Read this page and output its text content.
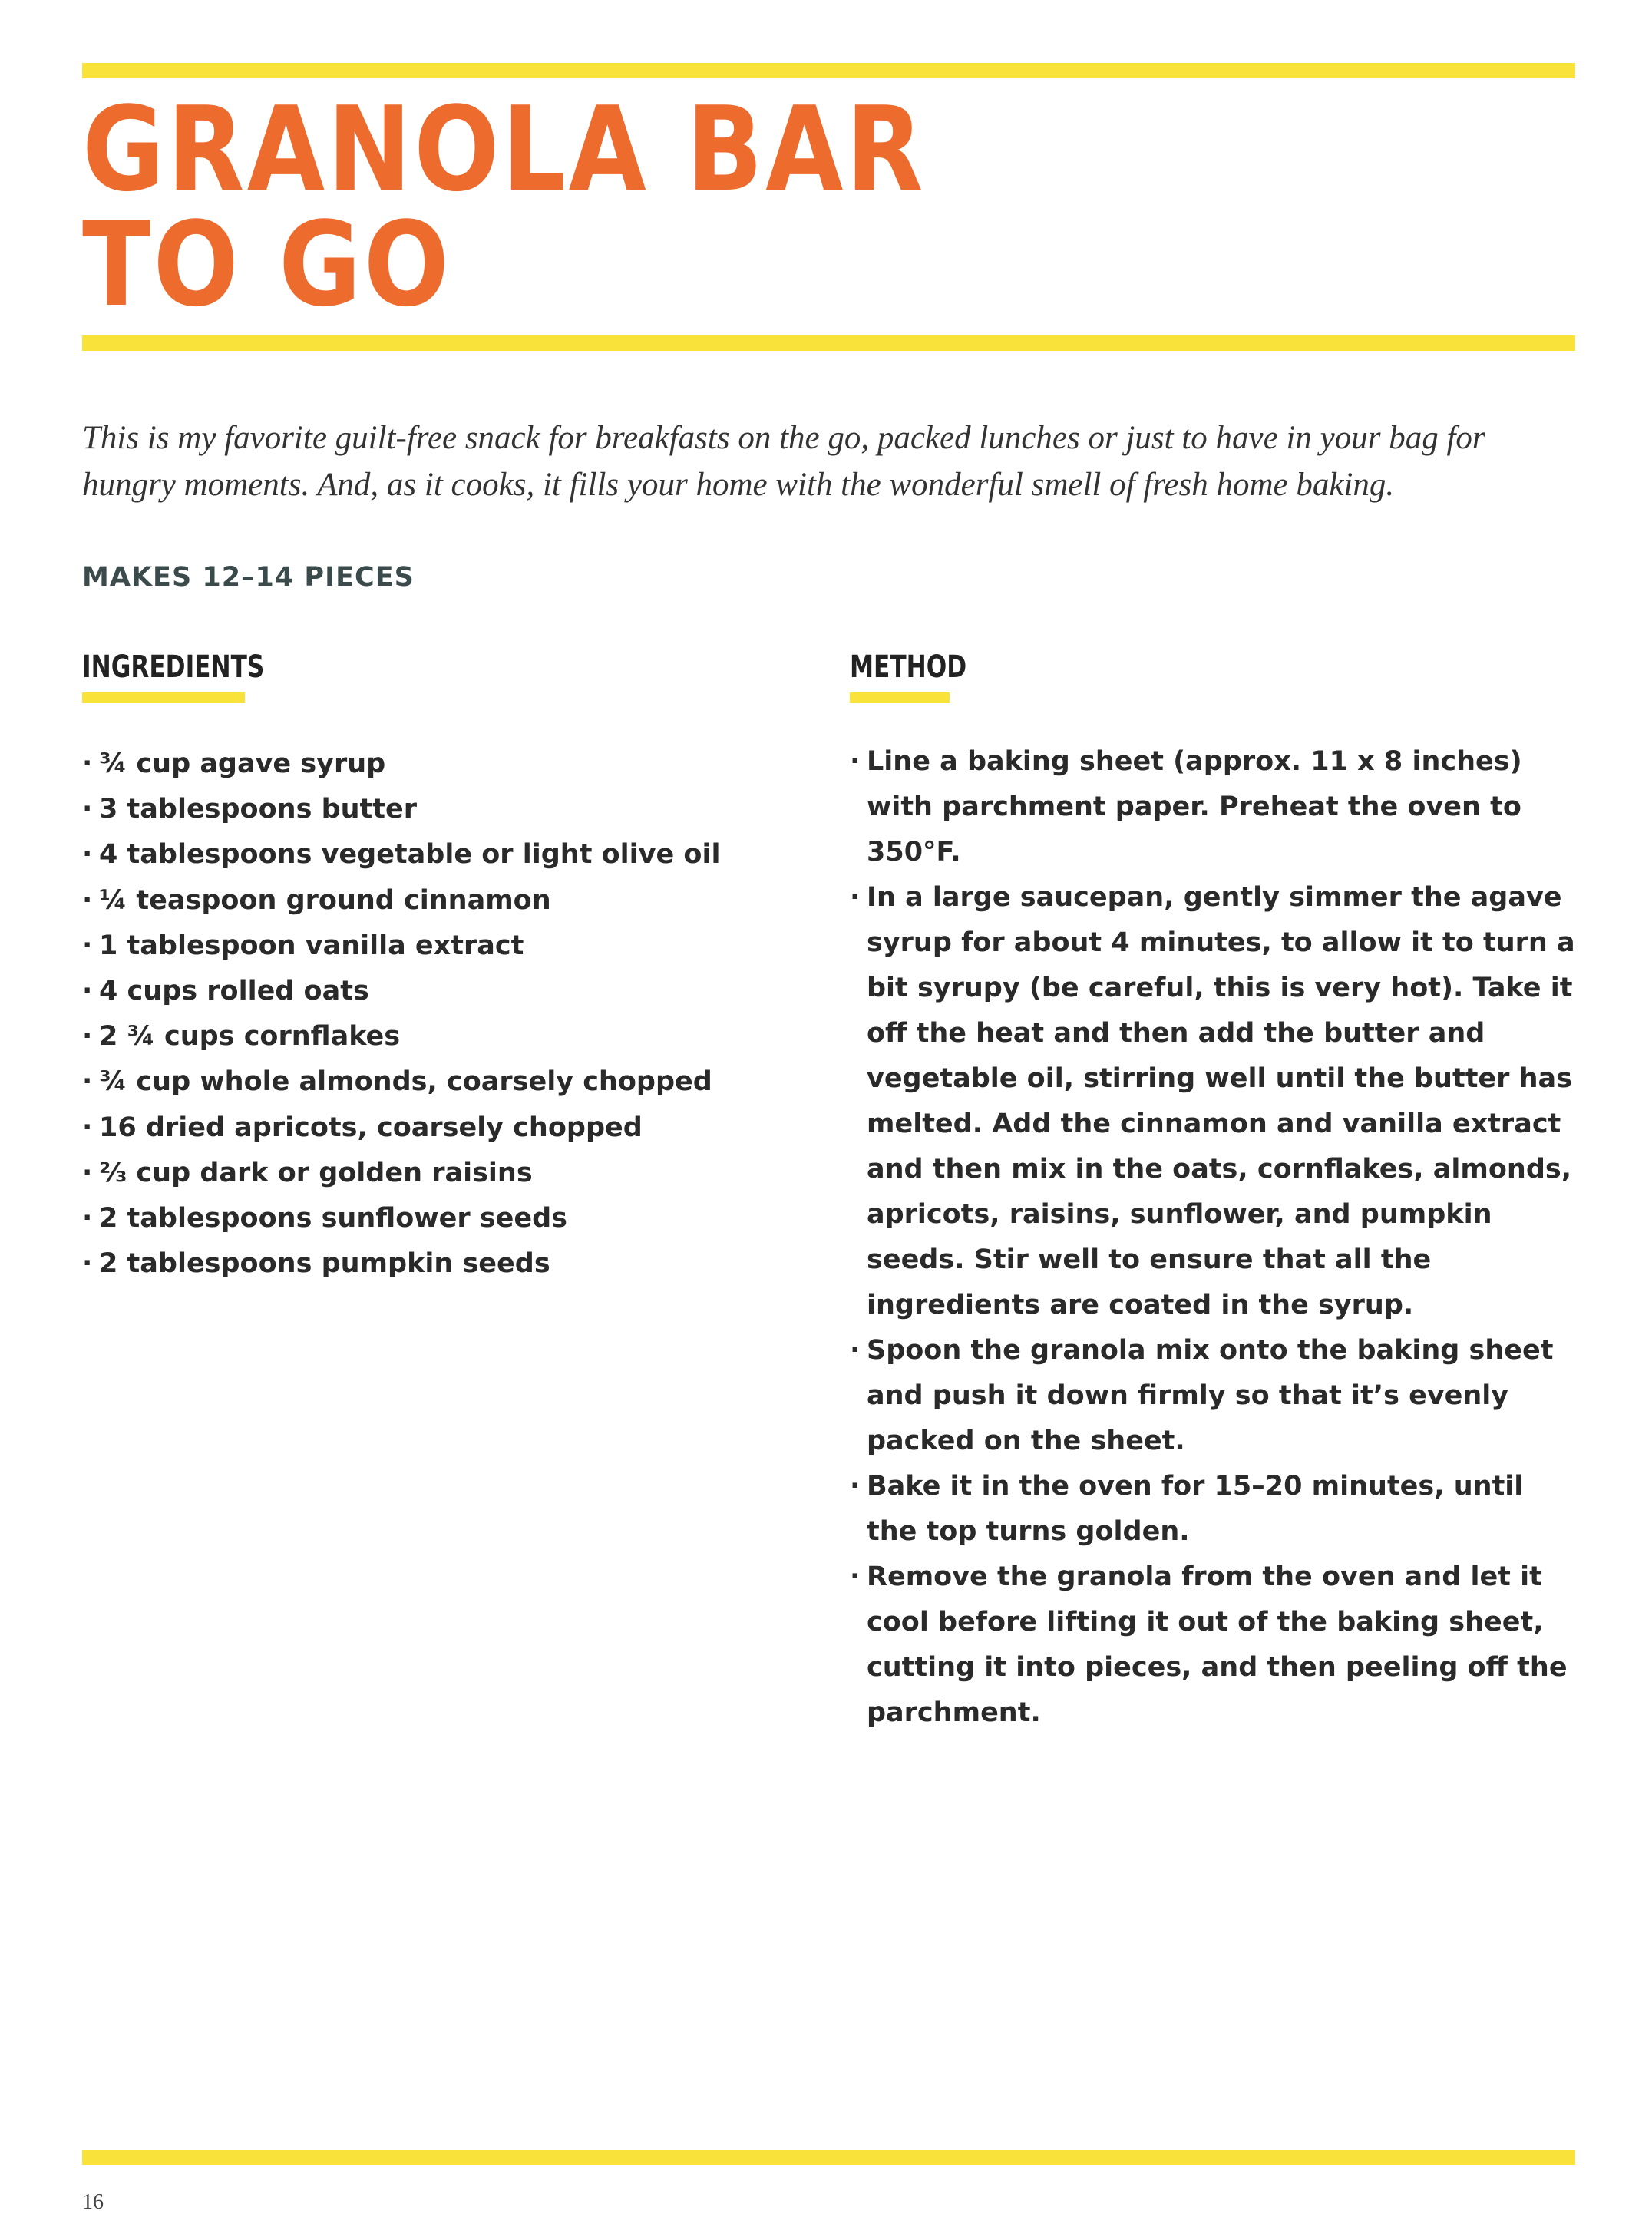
GRANOLA BAR
TO GO

This is my favorite guilt-free snack for breakfasts on the go, packed lunches or just to have in your bag for hungry moments. And, as it cooks, it fills your home with the wonderful smell of fresh home baking.

MAKES 12–14 PIECES

INGREDIENTS
· ¾ cup agave syrup
· 3 tablespoons butter
· 4 tablespoons vegetable or light olive oil
· ¼ teaspoon ground cinnamon
· 1 tablespoon vanilla extract
· 4 cups rolled oats
· 2 ¾ cups cornflakes
· ¾ cup whole almonds, coarsely chopped
· 16 dried apricots, coarsely chopped
· ⅔ cup dark or golden raisins
· 2 tablespoons sunflower seeds
· 2 tablespoons pumpkin seeds
METHOD
· Line a baking sheet (approx. 11 x 8 inches) with parchment paper. Preheat the oven to 350°F.
· In a large saucepan, gently simmer the agave syrup for about 4 minutes, to allow it to turn a bit syrupy (be careful, this is very hot). Take it off the heat and then add the butter and vegetable oil, stirring well until the butter has melted. Add the cinnamon and vanilla extract and then mix in the oats, cornflakes, almonds, apricots, raisins, sunflower, and pumpkin seeds. Stir well to ensure that all the ingredients are coated in the syrup.
· Spoon the granola mix onto the baking sheet and push it down firmly so that it’s evenly packed on the sheet.
· Bake it in the oven for 15–20 minutes, until the top turns golden.
· Remove the granola from the oven and let it cool before lifting it out of the baking sheet, cutting it into pieces, and then peeling off the parchment.

16
